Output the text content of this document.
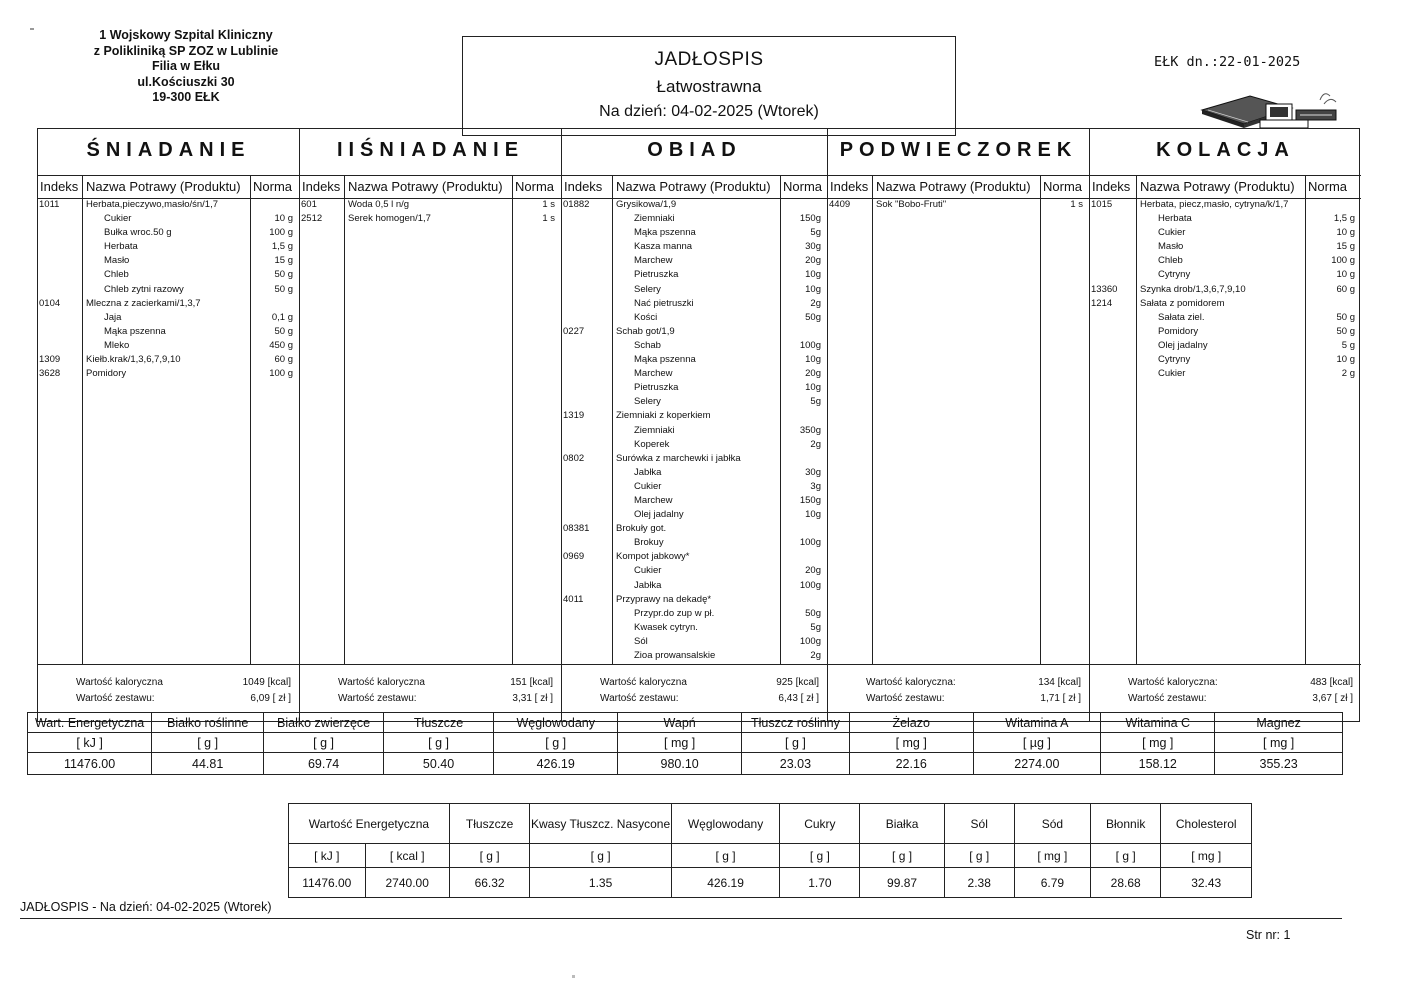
1 Wojskowy Szpital Kliniczny
z Polikliniką SP ZOZ w Lublinie
Filia w Ełku
ul.Kościuszki 30
19-300 EŁK
JADŁOSPIS
Łatwostrawna
Na dzień: 04-02-2025 (Wtorek)
EŁK dn.:22-01-2025
ŚNIADANIE
Indeks Nazwa Potrawy (Produktu) Norma
1011	Herbata,pieczywo,masło/śn/1,7
Cukier	10 g
Bułka wroc.50 g	100 g
Herbata	1,5 g
Masło	15 g
Chleb	50 g
Chleb zytni razowy	50 g
0104	Mleczna z zacierkami/1,3,7
Jaja	0,1 g
Mąka pszenna	50 g
Mleko	450 g
1309	Kiełb.krak/1,3,6,7,9,10	60 g
3628	Pomidory	100 g
Wartość kaloryczna	1049 [kcal]
Wartość zestawu:	6,09 [ zł ]
IIŚNIADANIE
Indeks Nazwa Potrawy (Produktu) Norma
601	Woda 0,5 l n/g	1 s
2512	Serek homogen/1,7	1 s
Wartość kaloryczna	151 [kcal]
Wartość zestawu:	3,31 [ zł ]
OBIAD
Indeks Nazwa Potrawy (Produktu) Norma
01882	Grysikowa/1,9
Ziemniaki	150g
Mąka pszenna	5g
Kasza manna	30g
Marchew	20g
Pietruszka	10g
Selery	10g
Nać pietruszki	2g
Kości	50g
0227	Schab got/1,9
Schab	100g
Mąka pszenna	10g
Marchew	20g
Pietruszka	10g
Selery	5g
1319	Ziemniaki z koperkiem
Ziemniaki	350g
Koperek	2g
0802	Surówka z marchewki i jabłka
Jabłka	30g
Cukier	3g
Marchew	150g
Olej jadalny	10g
08381	Brokuły got.
Brokuy	100g
0969	Kompot jabkowy*
Cukier	20g
Jabłka	100g
4011	Przyprawy na dekadę*
Przypr.do zup w pł.	50g
Kwasek cytryn.	5g
Sól	100g
Zioa prowansalskie	2g
Wartość kaloryczna	925 [kcal]
Wartość zestawu:	6,43 [ zł ]
PODWIECZOREK
Indeks Nazwa Potrawy (Produktu) Norma
4409	Sok "Bobo-Fruti"	1 s
Wartość kaloryczna:	134 [kcal]
Wartość zestawu:	1,71 [ zł ]
KOLACJA
Indeks Nazwa Potrawy (Produktu) Norma
1015	Herbata, piecz,masło, cytryna/k/1,7
Herbata	1,5 g
Cukier	10 g
Masło	15 g
Chleb	100 g
Cytryny	10 g
13360 Szynka drob/1,3,6,7,9,10	60 g
1214	Sałata z pomidorem
Sałata ziel.	50 g
Pomidory	50 g
Olej jadalny	5 g
Cytryny	10 g
Cukier	2 g
Wartość kaloryczna:	483 [kcal]
Wartość zestawu:	3,67 [ zł ]
Wart. Energetyczna	Białko roślinne	Białko zwierzęce	Tłuszcze	Węglowodany	Wapń	Tłuszcz roślinny	Żelazo	Witamina A	Witamina C	Magnez
[ kJ ]	[ g ]	[ g ]	[ g ]	[ g ]	[ mg ]	[ g ]	[ mg ]	[ µg ]	[ mg ]	[ mg ]
11476.00	44.81	69.74	50.40	426.19	980.10	23.03	22.16	2274.00	158.12	355.23
Wartość Energetyczna		Tłuszcze	Kwasy Tłuszcz. Nasycone	Węglowodany	Cukry	Białka	Sól	Sód	Błonnik	Cholesterol
[ kJ ]	[ kcal ]	[ g ]	[ g ]	[ g ]	[ g ]	[ g ]	[ g ]	[ mg ]	[ g ]	[ mg ]
11476.00	2740.00	66.32	1.35	426.19	1.70	99.87	2.38	6.79	28.68	32.43
JADŁOSPIS - Na dzień: 04-02-2025 (Wtorek)
Str nr: 1
